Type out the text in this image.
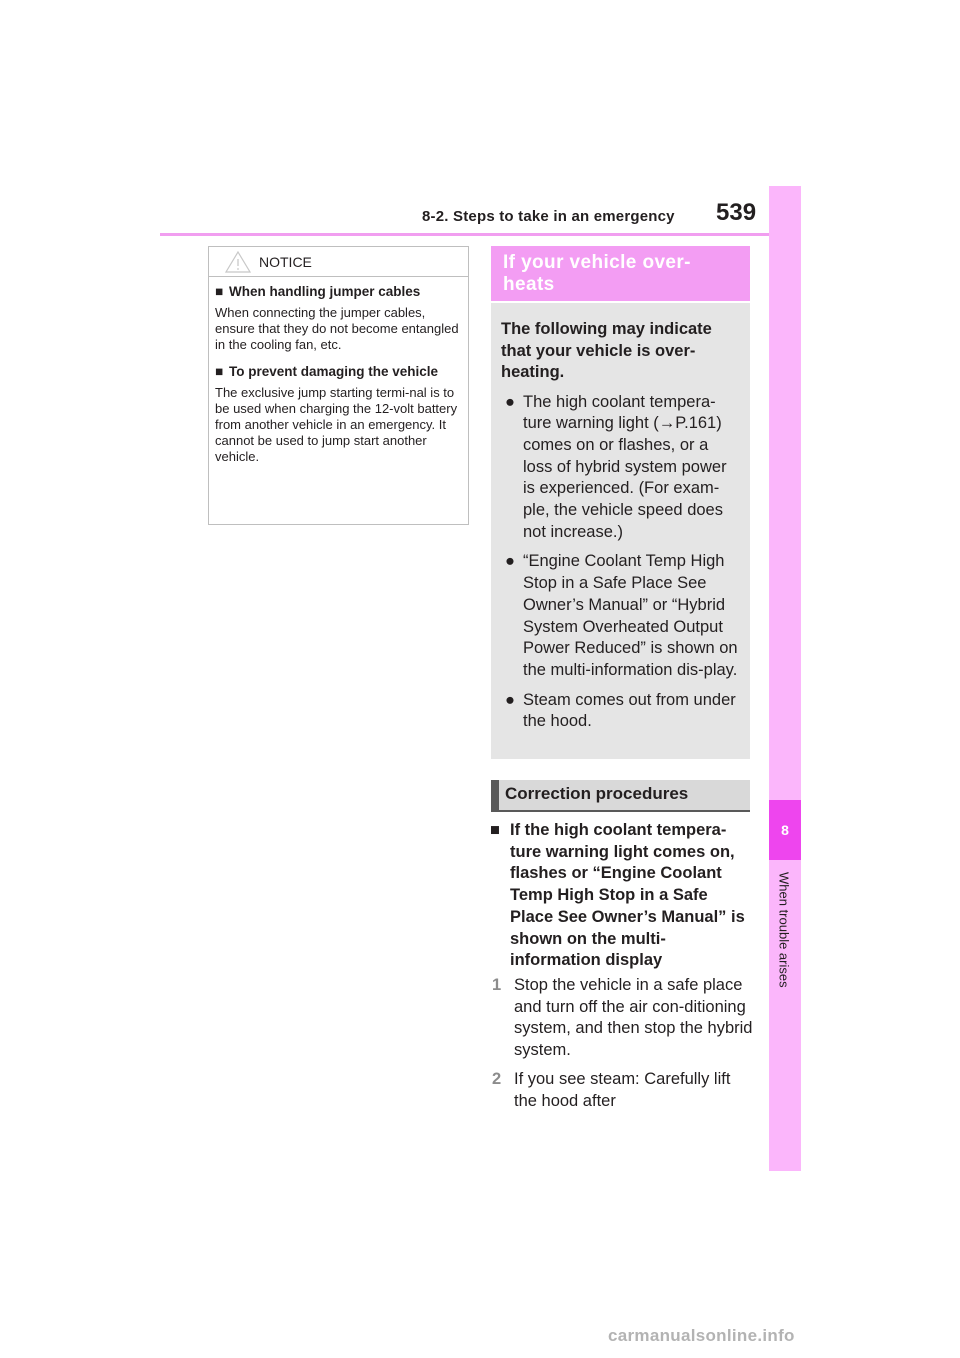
8-2. Steps to take in an emergency 539
8
When trouble arises
NOTICE
■ When handling jumper cables
When connecting the jumper cables, ensure that they do not become entangled in the cooling fan, etc.
■ To prevent damaging the vehicle
The exclusive jump starting termi-nal is to be used when charging the 12-volt battery from another vehicle in an emergency. It cannot be used to jump start another vehicle.
If your vehicle over-heats
The following may indicate that your vehicle is over-heating.
● The high coolant tempera-ture warning light (→P.161) comes on or flashes, or a loss of hybrid system power is experienced. (For exam-ple, the vehicle speed does not increase.)
● “Engine Coolant Temp High Stop in a Safe Place See Owner’s Manual” or “Hybrid System Overheated Output Power Reduced” is shown on the multi-information dis-play.
● Steam comes out from under the hood.
Correction procedures
■ If the high coolant tempera-ture warning light comes on, flashes or “Engine Coolant Temp High Stop in a Safe Place See Owner’s Manual” is shown on the multi-information display
1 Stop the vehicle in a safe place and turn off the air con-ditioning system, and then stop the hybrid system.
2 If you see steam: Carefully lift the hood after
carmanualsonline.info
